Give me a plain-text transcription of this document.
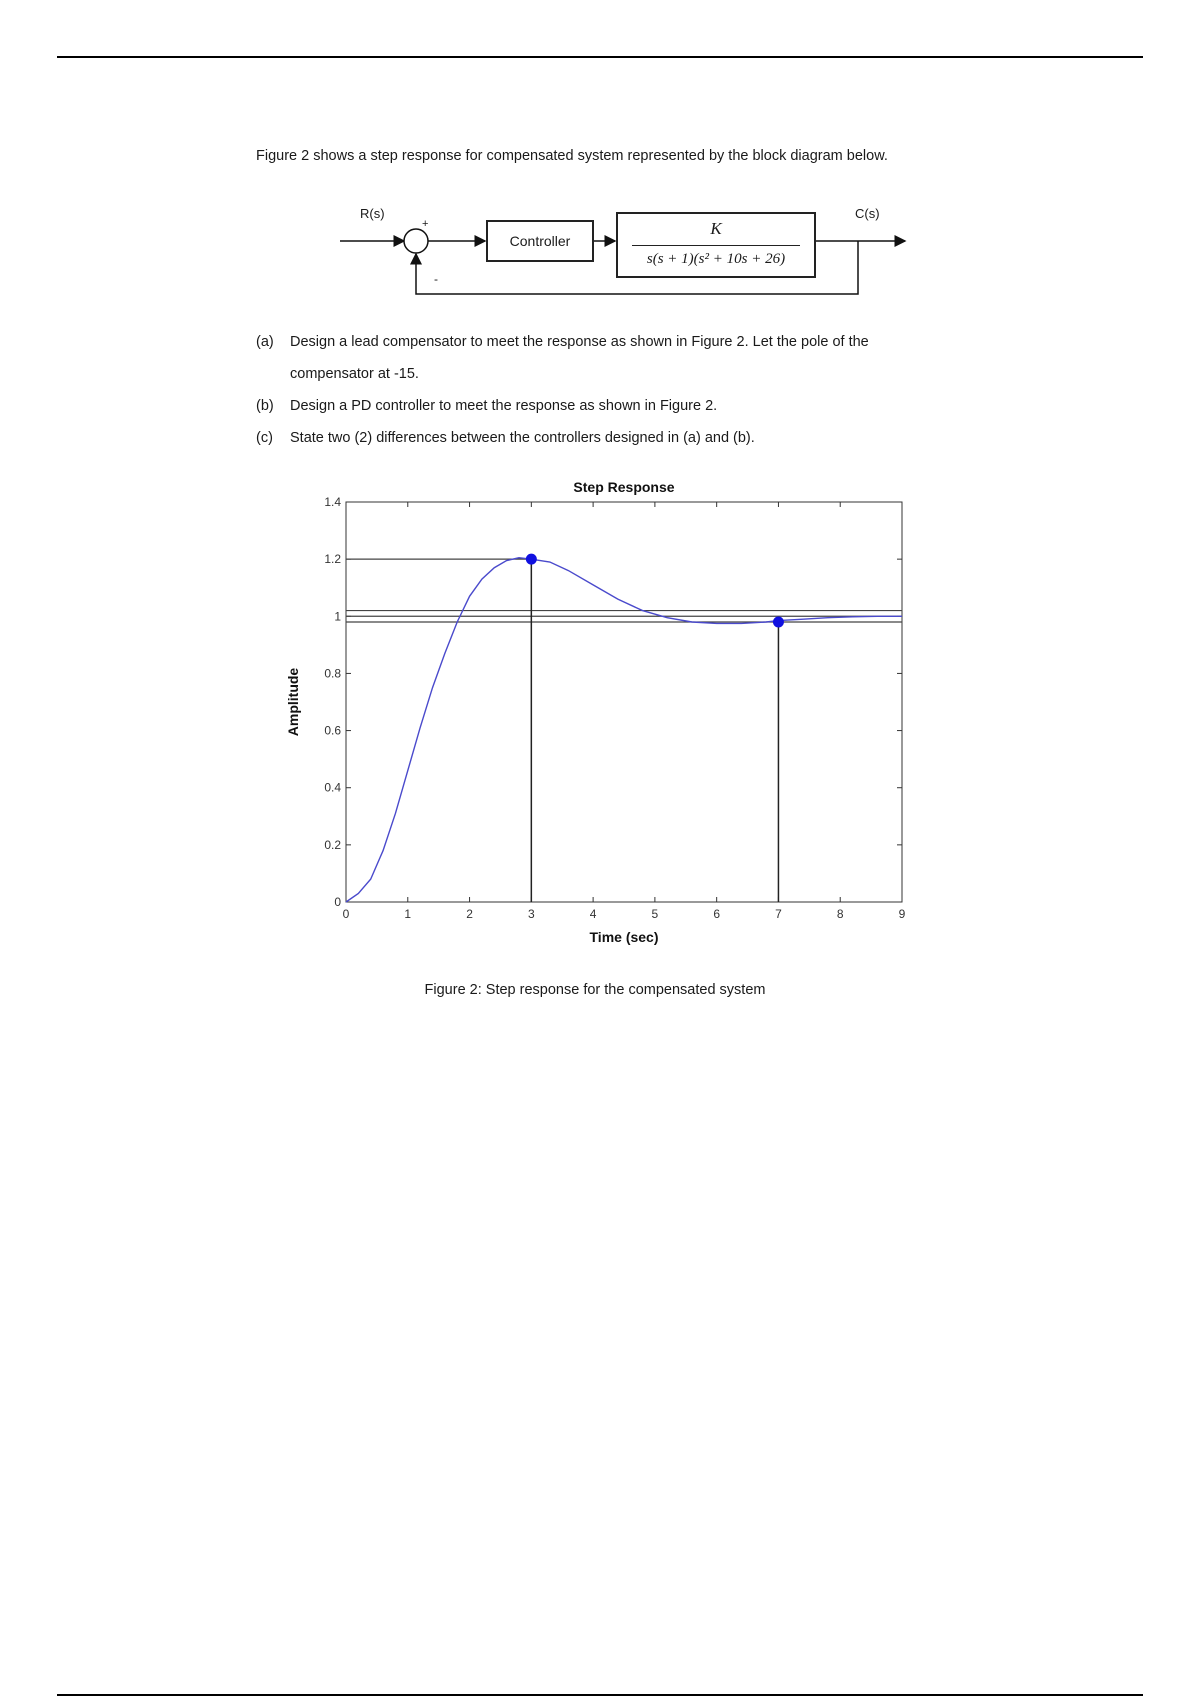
Figure 2 shows a step response for compensated system represented by the block diagram below.
R(s)	C(s)
+
-
Controller
K
s(s + 1)(s² + 10s + 26)
(a) Design a lead compensator to meet the response as shown in Figure 2. Let the pole of the
compensator at -15.
(b) Design a PD controller to meet the response as shown in Figure 2.
(c) State two (2) differences between the controllers designed in (a) and (b).
0	1	2	3	4	5	6	7	8	9
0
0.2
0.4
0.6
0.8
1
1.2
1.4
Step Response
Time (sec)
Amplitude
Figure 2: Step response for the compensated system
